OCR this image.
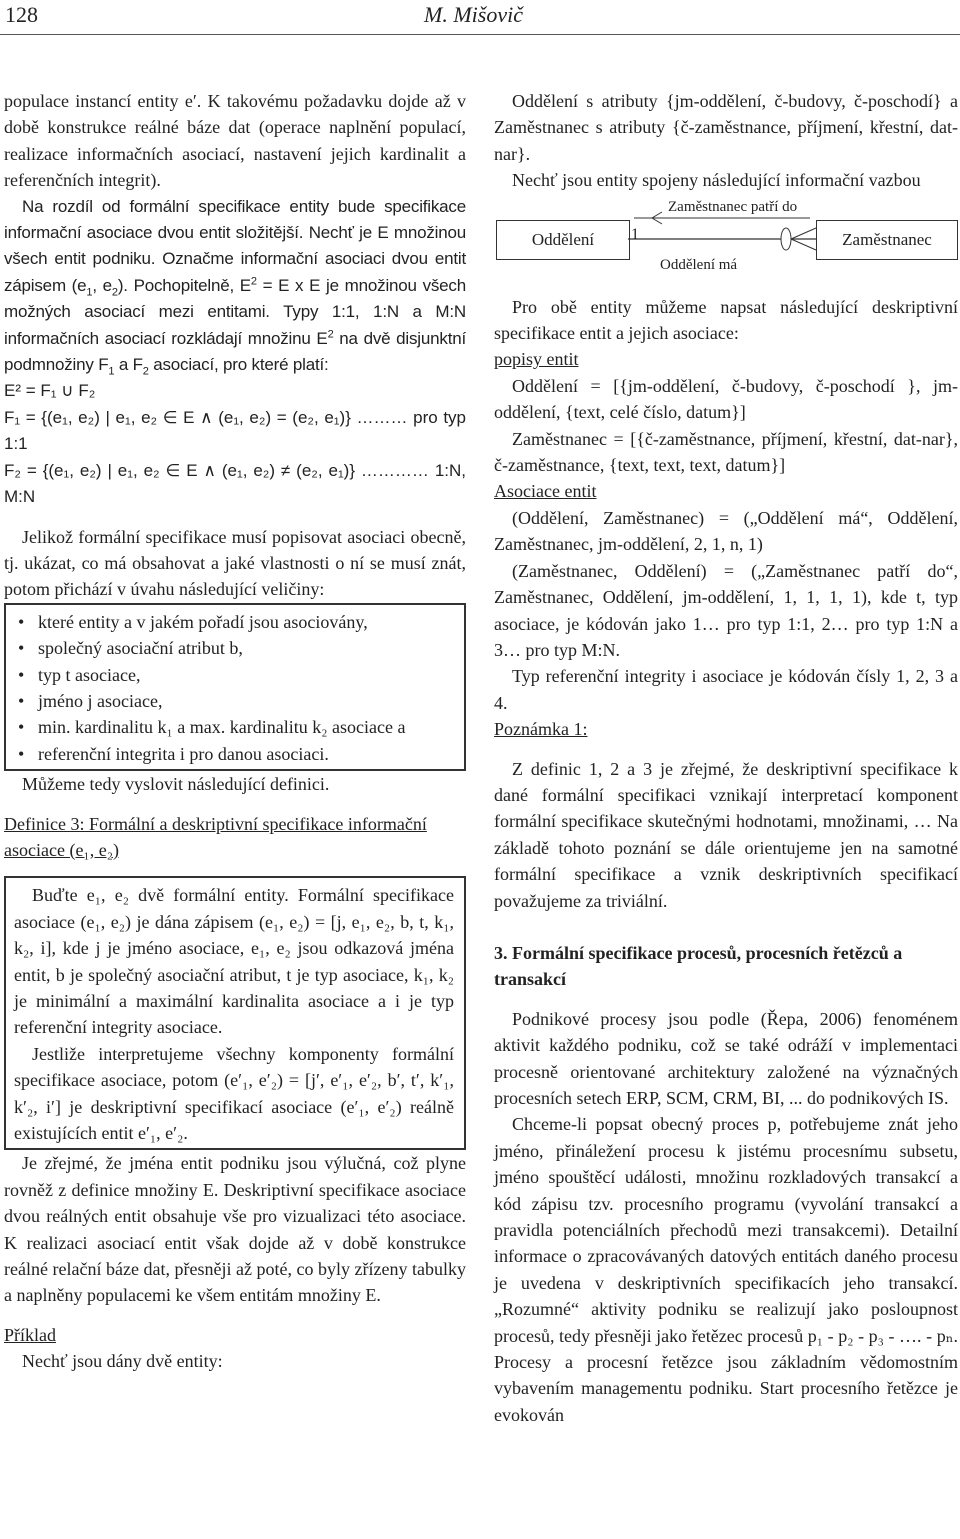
128	M. Mišovič

populace instancí entity e′. K takovému požadavku dojde až v době konstrukce reálné báze dat (operace naplnění populací, realizace informačních asociací, nastavení jejich kardinalit a referenčních integrit).

Na rozdíl od formální specifikace entity bude specifikace informační asociace dvou entit složitější. Nechť je E množinou všech entit podniku. Označme informační asociaci dvou entit zápisem ($e_1$, $e_2$). Pochopitelně, $E^2 = E$ x E je množinou všech možných asociací mezi entitami. Typy 1:1, 1:N a M:N informačních asociací rozkládají množinu $E^2$ na dvě disjunktní podmnožiny $F_1$ a $F_2$ asociací, pro které platí:

E² = F₁ ∪ F₂

F₁ = {(e₁, e₂) | e₁, e₂ ∈ E ∧ (e₁, e₂) = (e₂, e₁)} ……… pro typ 1:1

F₂ = {(e₁, e₂) | e₁, e₂ ∈ E ∧ (e₁, e₂) ≠ (e₂, e₁)} ………… 1:N, M:N

Jelikož formální specifikace musí popisovat asociaci obecně, tj. ukázat, co má obsahovat a jaké vlastnosti o ní se musí znát, potom přichází v úvahu následující veličiny:

• které entity a v jakém pořadí jsou asociovány,
• společný asociační atribut b,
• typ t asociace,
• jméno j asociace,
• min. kardinalitu k₁ a max. kardinalitu k₂ asociace a
• referenční integrita i pro danou asociaci.

Můžeme tedy vyslovit následující definici.

Definice 3: Formální a deskriptivní specifikace informační asociace (e₁, e₂)

Buďte e₁, e₂ dvě formální entity. Formální specifikace asociace (e₁, e₂) je dána zápisem (e₁, e₂) = [j, e₁, e₂, b, t, k₁, k₂, i], kde j je jméno asociace, e₁, e₂ jsou odkazová jména entit, b je společný asociační atribut, t je typ asociace, k₁, k₂ je minimální a maximální kardinalita asociace a i je typ referenční integrity asociace.

Jestliže interpretujeme všechny komponenty formální specifikace asociace, potom (e′₁, e′₂) = [j′, e′₁, e′₂, b′, t′, k′₁, k′₂, i′] je deskriptivní specifikací asociace (e′₁, e′₂) reálně existujících entit e′₁, e′₂.

Je zřejmé, že jména entit podniku jsou výlučná, což plyne rovněž z definice množiny E. Deskriptivní specifikace asociace dvou reálných entit obsahuje vše pro vizualizaci této asociace. K realizaci asociací entit však dojde až v době konstrukce reálné relační báze dat, přesněji až poté, co byly zřízeny tabulky a naplněny populacemi ke všem entitám množiny E.

Příklad

Nechť jsou dány dvě entity:

Oddělení s atributy {jm-oddělení, č-budovy, č-poschodí} a Zaměstnanec s atributy {č-zaměstnance, příjmení, křestní, dat-nar}.

Nechť jsou entity spojeny následující informační vazbou

Oddělení	Zaměstnanec
Zaměstnanec patří do
1
Oddělení má

Pro obě entity můžeme napsat následující deskriptivní specifikace entit a jejich asociace:

popisy entit

Oddělení = [{jm-oddělení, č-budovy, č-poschodí }, jm-oddělení, {text, celé číslo, datum}]

Zaměstnanec = [{č-zaměstnance, příjmení, křestní, dat-nar}, č-zaměstnance, {text, text, text, datum}]

Asociace entit

(Oddělení, Zaměstnanec) = („Oddělení má“, Oddělení, Zaměstnanec, jm-oddělení, 2, 1, n, 1)

(Zaměstnanec, Oddělení) = („Zaměstnanec patří do“, Zaměstnanec, Oddělení, jm-oddělení, 1, 1, 1, 1), kde t, typ asociace, je kódován jako 1… pro typ 1:1, 2… pro typ 1:N a 3… pro typ M:N.

Typ referenční integrity i asociace je kódován čísly 1, 2, 3 a 4.

Poznámka 1:

Z definic 1, 2 a 3 je zřejmé, že deskriptivní specifikace k dané formální specifikaci vznikají interpretací komponent formální specifikace skutečnými hodnotami, množinami, … Na základě tohoto poznání se dále orientujeme jen na samotné formální specifikace a vznik deskriptivních specifikací považujeme za triviální.

3. Formální specifikace procesů, procesních řetězců a transakcí

Podnikové procesy jsou podle (Řepa, 2006) fenoménem aktivit každého podniku, což se také odráží v implementaci procesně orientované architektury založené na význačných procesních setech ERP, SCM, CRM, BI, ... do podnikových IS.

Chceme-li popsat obecný proces p, potřebujeme znát jeho jméno, přináležení procesu k jistému procesnímu subsetu, jméno spouštěcí události, množinu rozkladových transakcí a kód zápisu tzv. procesního programu (vyvolání transakcí a pravidla potenciálních přechodů mezi transakcemi). Detailní informace o zpracovávaných datových entitách daného procesu je uvedena v deskriptivních specifikacích jeho transakcí. „Rozumné“ aktivity podniku se realizují jako posloupnost procesů, tedy přesněji jako řetězec procesů p₁ - p₂ - p₃ - …. - pₙ. Procesy a procesní řetězce jsou základním vědomostním vybavením managementu podniku. Start procesního řetězce je evokován
